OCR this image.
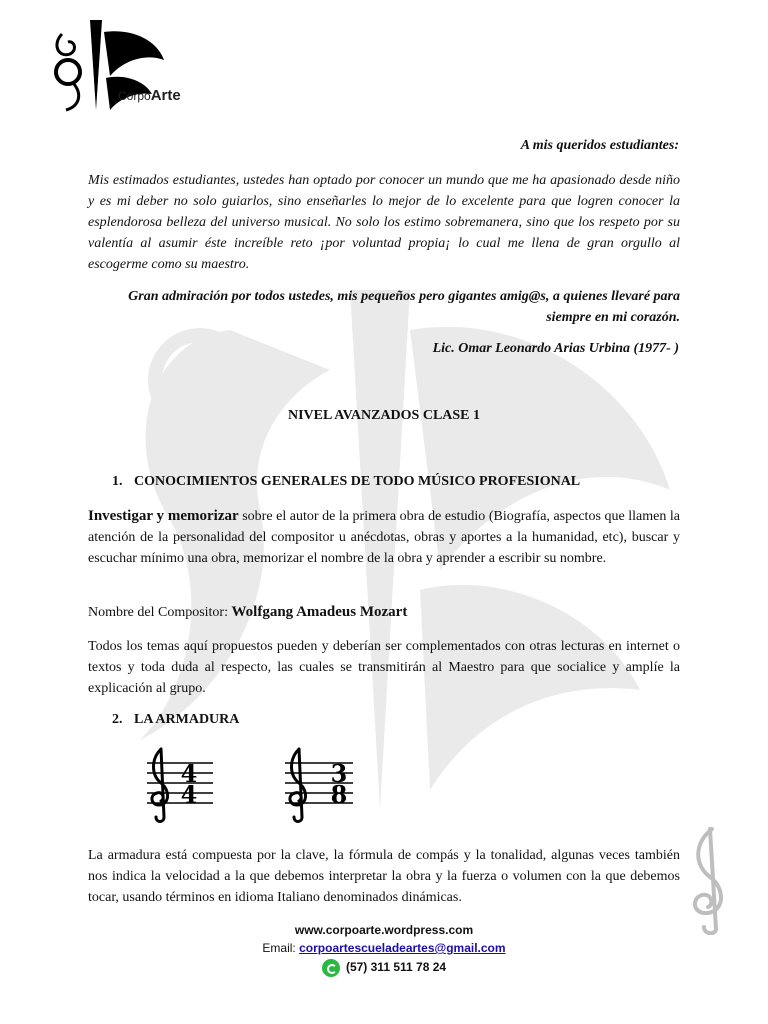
CorpoArte
A mis queridos estudiantes:
Mis estimados estudiantes, ustedes han optado por conocer un mundo que me ha apasionado desde niño y es mi deber no solo guiarlos, sino enseñarles lo mejor de lo excelente para que logren conocer la esplendorosa belleza del universo musical. No solo los estimo sobremanera, sino que los respeto por su valentía al asumir éste increíble reto ¡por voluntad propia¡ lo cual me llena de gran orgullo al escogerme como su maestro.
Gran admiración por todos ustedes, mis pequeños pero gigantes amig@s, a quienes llevaré para siempre en mi corazón.
Lic. Omar Leonardo Arias Urbina (1977- )
NIVEL AVANZADOS CLASE 1
1. CONOCIMIENTOS GENERALES DE TODO MÚSICO PROFESIONAL
Investigar y memorizar sobre el autor de la primera obra de estudio (Biografía, aspectos que llamen la atención de la personalidad del compositor u anécdotas, obras y aportes a la humanidad, etc), buscar y escuchar mínimo una obra, memorizar el nombre de la obra y aprender a escribir su nombre.
Nombre del Compositor: Wolfgang Amadeus Mozart
Todos los temas aquí propuestos pueden y deberían ser complementados con otras lecturas en internet o textos y toda duda al respecto, las cuales se transmitirán al Maestro para que socialice y amplíe la explicación al grupo.
2. LA ARMADURA
4
4
3
8
La armadura está compuesta por la clave, la fórmula de compás y la tonalidad, algunas veces también nos indica la velocidad a la que debemos interpretar la obra y la fuerza o volumen con la que debemos tocar, usando términos en idioma Italiano denominados dinámicas.
www.corpoarte.wordpress.com
Email: corpoartescueladeartes@gmail.com
(57) 311 511 78 24
